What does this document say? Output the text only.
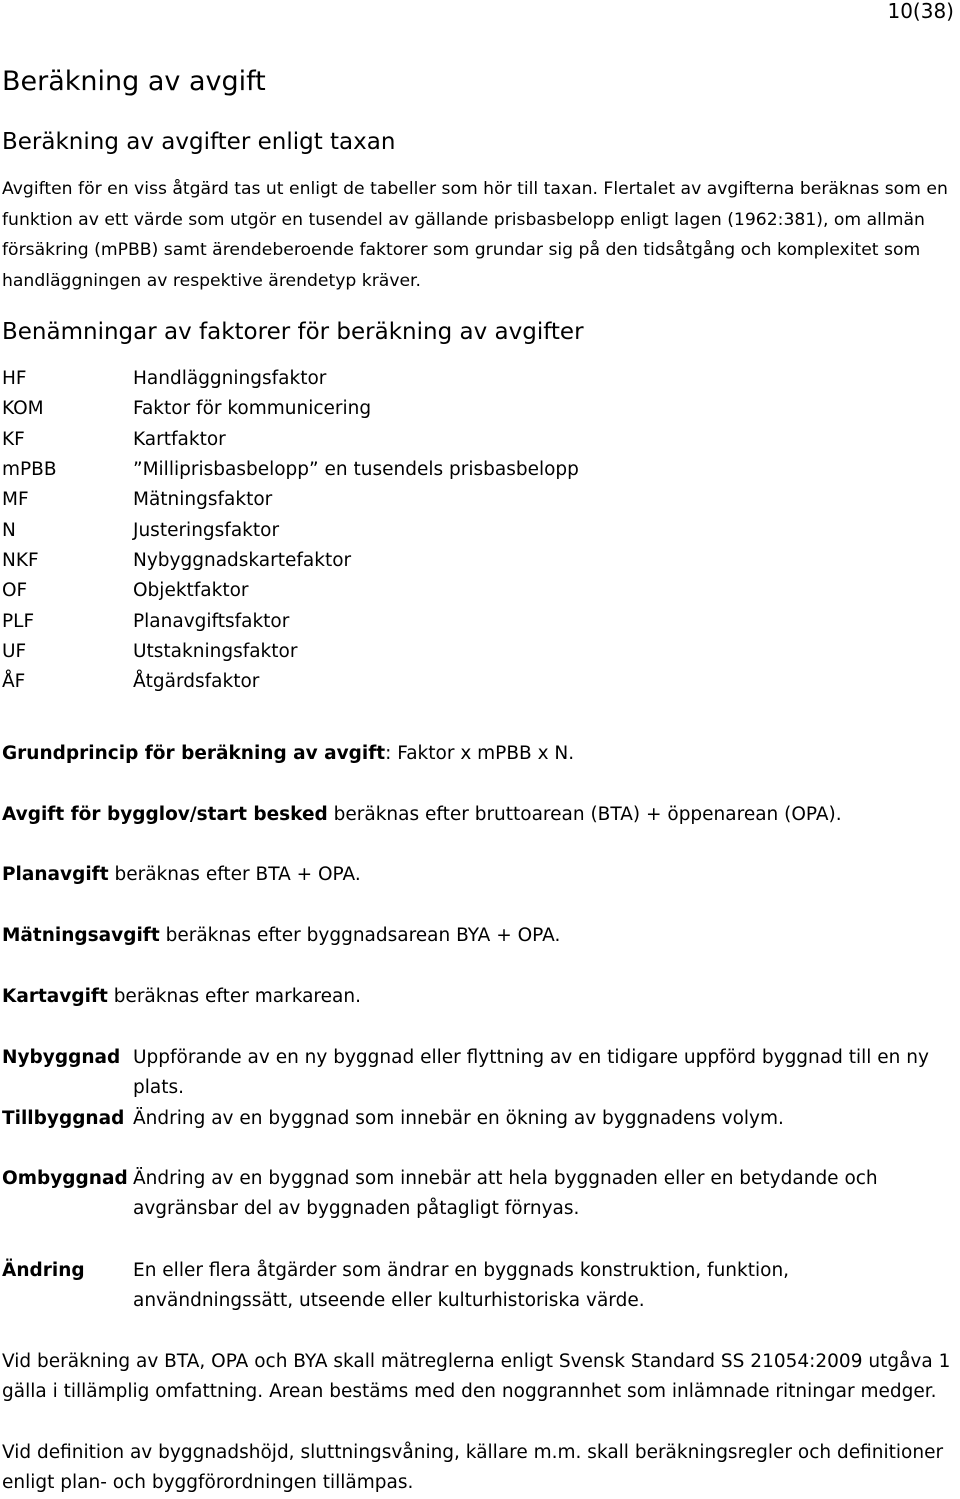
10(38)
Beräkning av avgift
Beräkning av avgifter enligt taxan

Avgiften för en viss åtgärd tas ut enligt de tabeller som hör till taxan. Flertalet av avgifterna beräknas som en funktion av ett värde som utgör en tusendel av gällande prisbasbelopp enligt lagen (1962:381), om allmän försäkring (mPBB) samt ärendeberoende faktorer som grundar sig på den tidsåtgång och komplexitet som handläggningen av respektive ärendetyp kräver.

Benämningar av faktorer för beräkning av avgifter
HF	Handläggningsfaktor
KOM	Faktor för kommunicering
KF	Kartfaktor
mPBB	”Milliprisbasbelopp” en tusendels prisbasbelopp
MF	Mätningsfaktor
N	Justeringsfaktor
NKF	Nybyggnadskartefaktor
OF	Objektfaktor
PLF	Planavgiftsfaktor
UF	Utstakningsfaktor
ÅF	Åtgärdsfaktor

Grundprincip för beräkning av avgift: Faktor x mPBB x N.

Avgift för bygglov/start besked beräknas efter bruttoarean (BTA) + öppenarean (OPA).

Planavgift beräknas efter BTA + OPA.

Mätningsavgift beräknas efter byggnadsarean BYA + OPA.

Kartavgift beräknas efter markarean.

Nybyggnad Uppförande av en ny byggnad eller flyttning av en tidigare uppförd byggnad till en ny plats.
Tillbyggnad Ändring av en byggnad som innebär en ökning av byggnadens volym.
Ombyggnad Ändring av en byggnad som innebär att hela byggnaden eller en betydande och avgränsbar del av byggnaden påtagligt förnyas.
Ändring	En eller flera åtgärder som ändrar en byggnads konstruktion, funktion, användningssätt, utseende eller kulturhistoriska värde.

Vid beräkning av BTA, OPA och BYA skall mätreglerna enligt Svensk Standard SS 21054:2009 utgåva 1 gälla i tillämplig omfattning. Arean bestäms med den noggrannhet som inlämnade ritningar medger.

Vid definition av byggnadshöjd, sluttningsvåning, källare m.m. skall beräkningsregler och definitioner enligt plan- och byggförordningen tillämpas.
